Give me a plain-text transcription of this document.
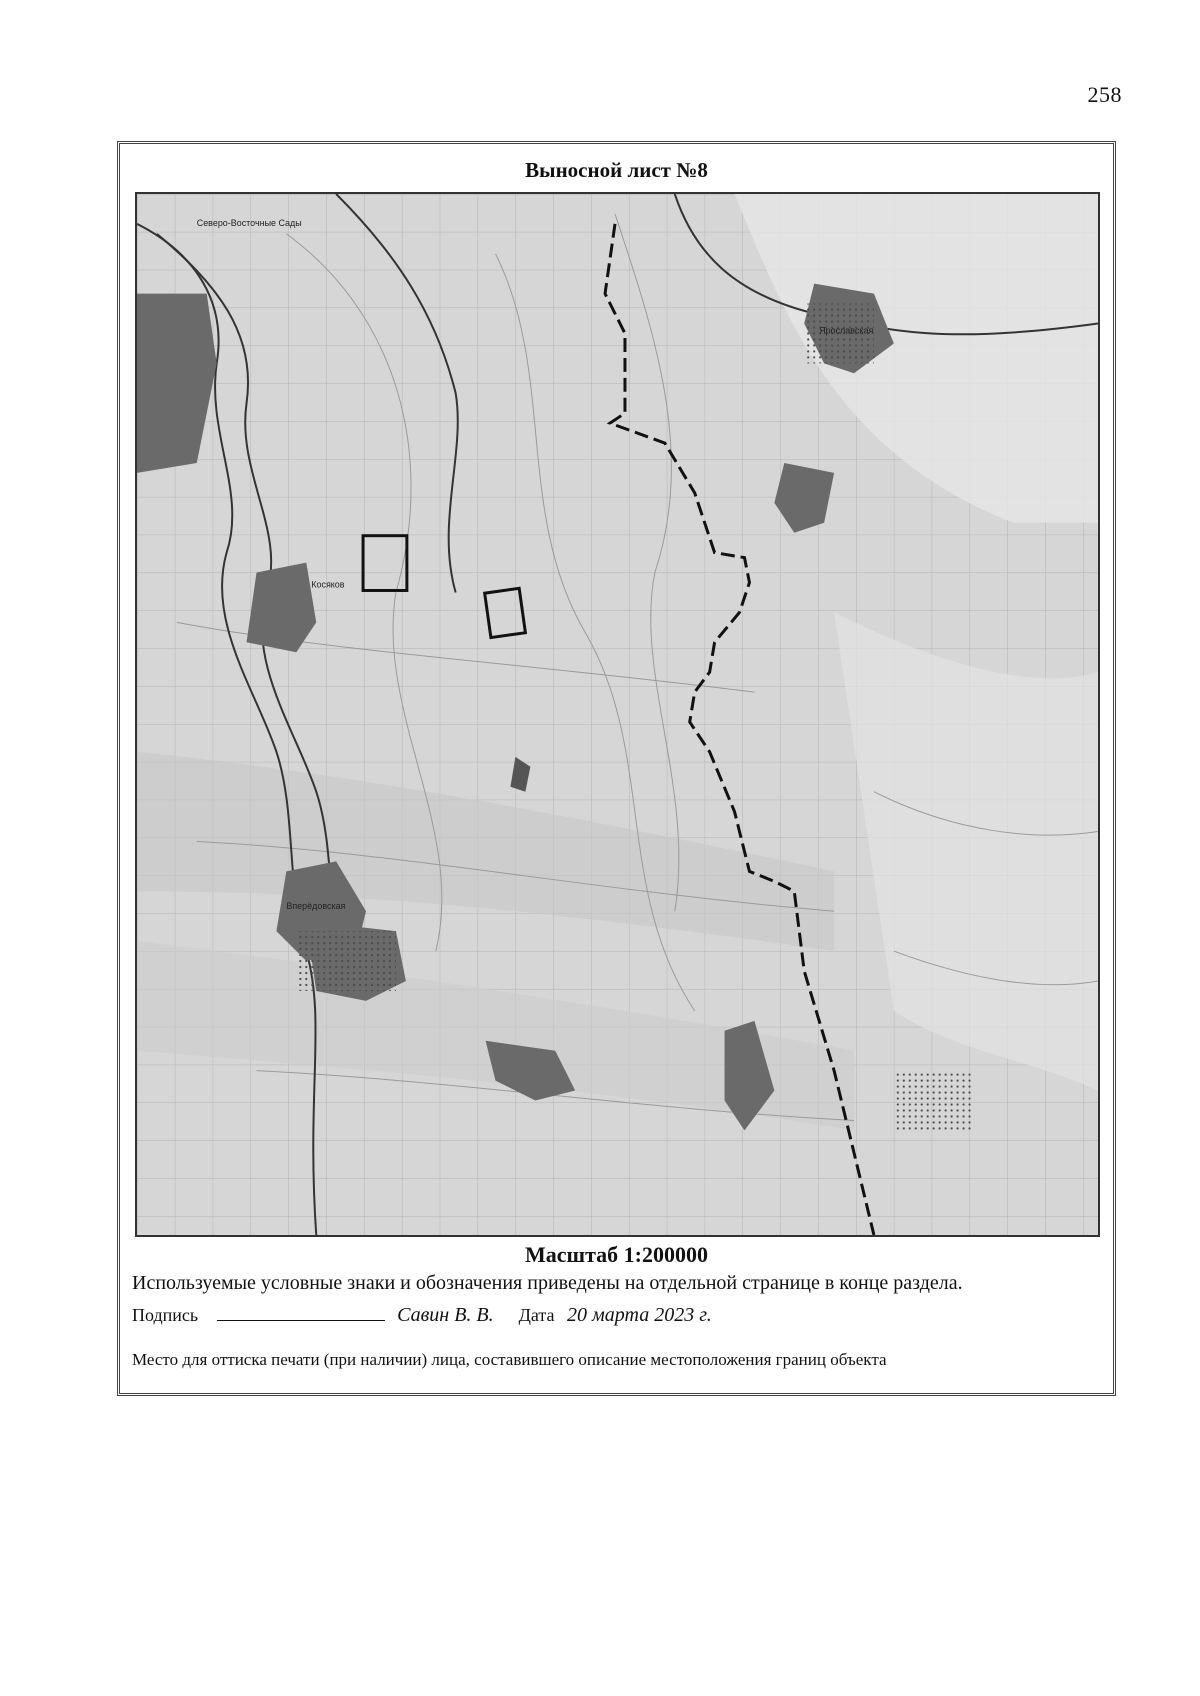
258
Выносной лист №8
Ярославская
Северо-Восточные Сады
Косяков
Вперёдовская
Масштаб 1:200000
Используемые условные знаки и обозначения приведены на отдельной странице в конце раздела.
Подпись	Савин В. В. Дата 20 марта 2023 г.
Место для оттиска печати (при наличии) лица, составившего описание местоположения границ объекта
